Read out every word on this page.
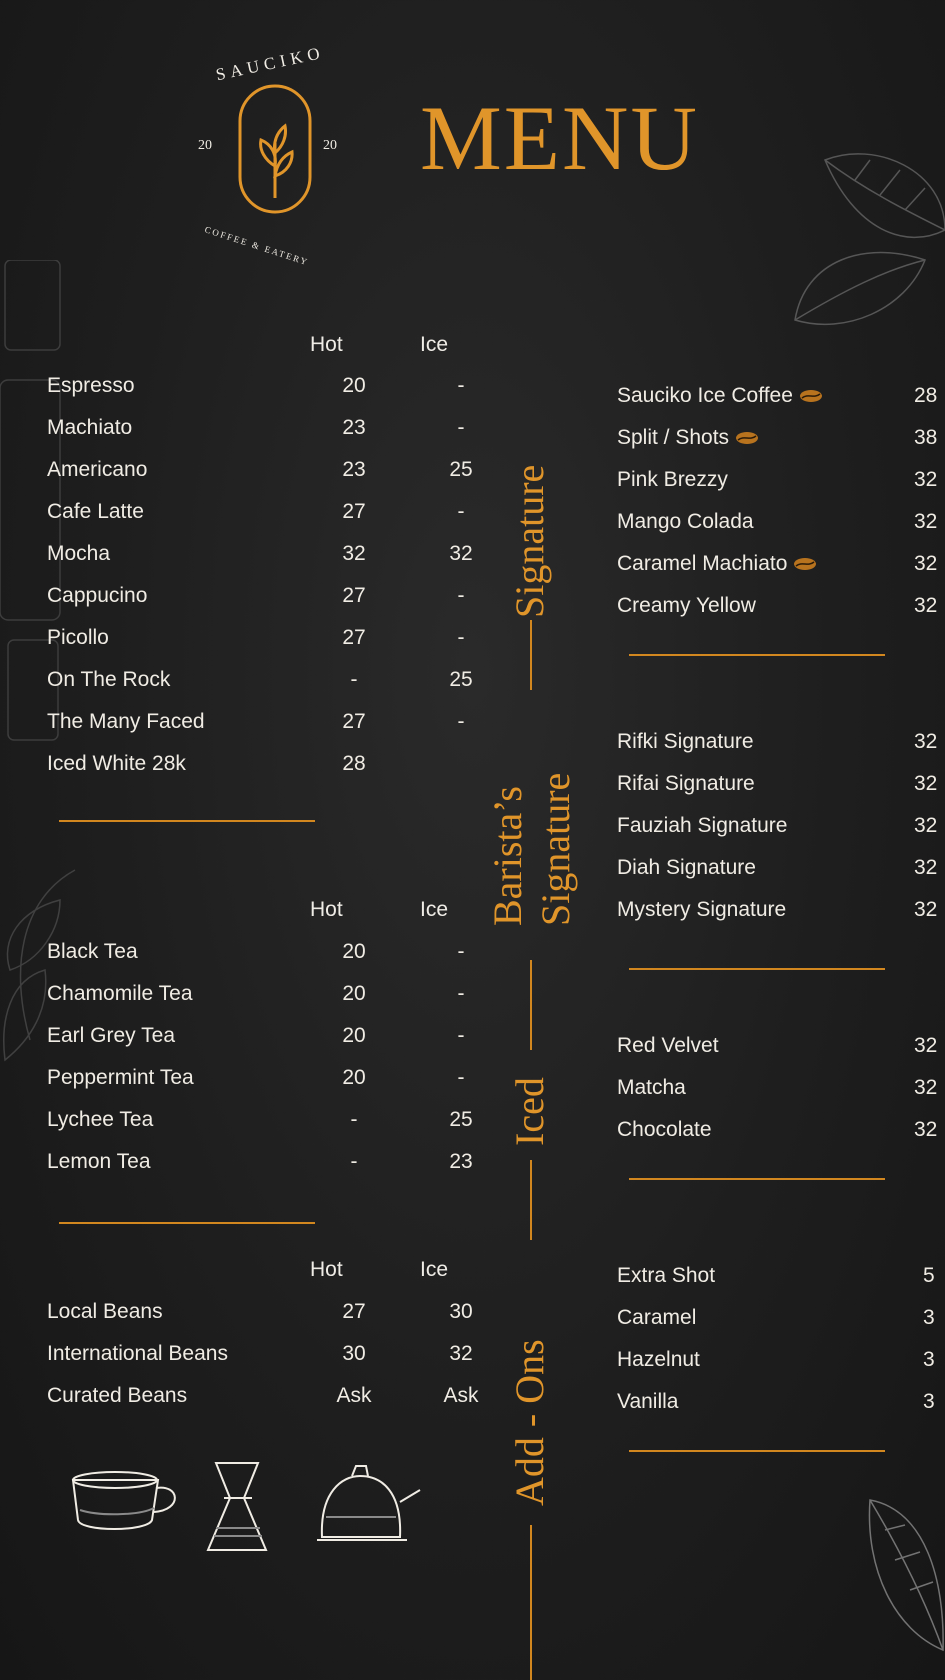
SAUCIKO
20	20
COFFEE & EATERY
MENU
Hot	Ice
Espresso	20	-
Machiato	23	-
Americano	23	25
Cafe Latte	27	-
Mocha	32	32
Cappucino	27	-
Picollo	27	-
On The Rock	-	25
The Many Faced	27	-
Iced White 28k	28
Hot	Ice
Black Tea	20	-
Chamomile Tea	20	-
Earl Grey Tea	20	-
Peppermint Tea	20	-
Lychee Tea	-	25
Lemon Tea	-	23
Hot	Ice
Local Beans	27	30
International Beans	30	32
Curated Beans	Ask	Ask
Signature
Barista’s Signature
Iced
Add - Ons
Sauciko Ice Coffee	28
Split / Shots	38
Pink Brezzy	32
Mango Colada	32
Caramel Machiato	32
Creamy Yellow	32
Rifki Signature	32
Rifai Signature	32
Fauziah Signature	32
Diah Signature	32
Mystery Signature	32
Red Velvet	32
Matcha	32
Chocolate	32
Extra Shot	5
Caramel	3
Hazelnut	3
Vanilla	3
